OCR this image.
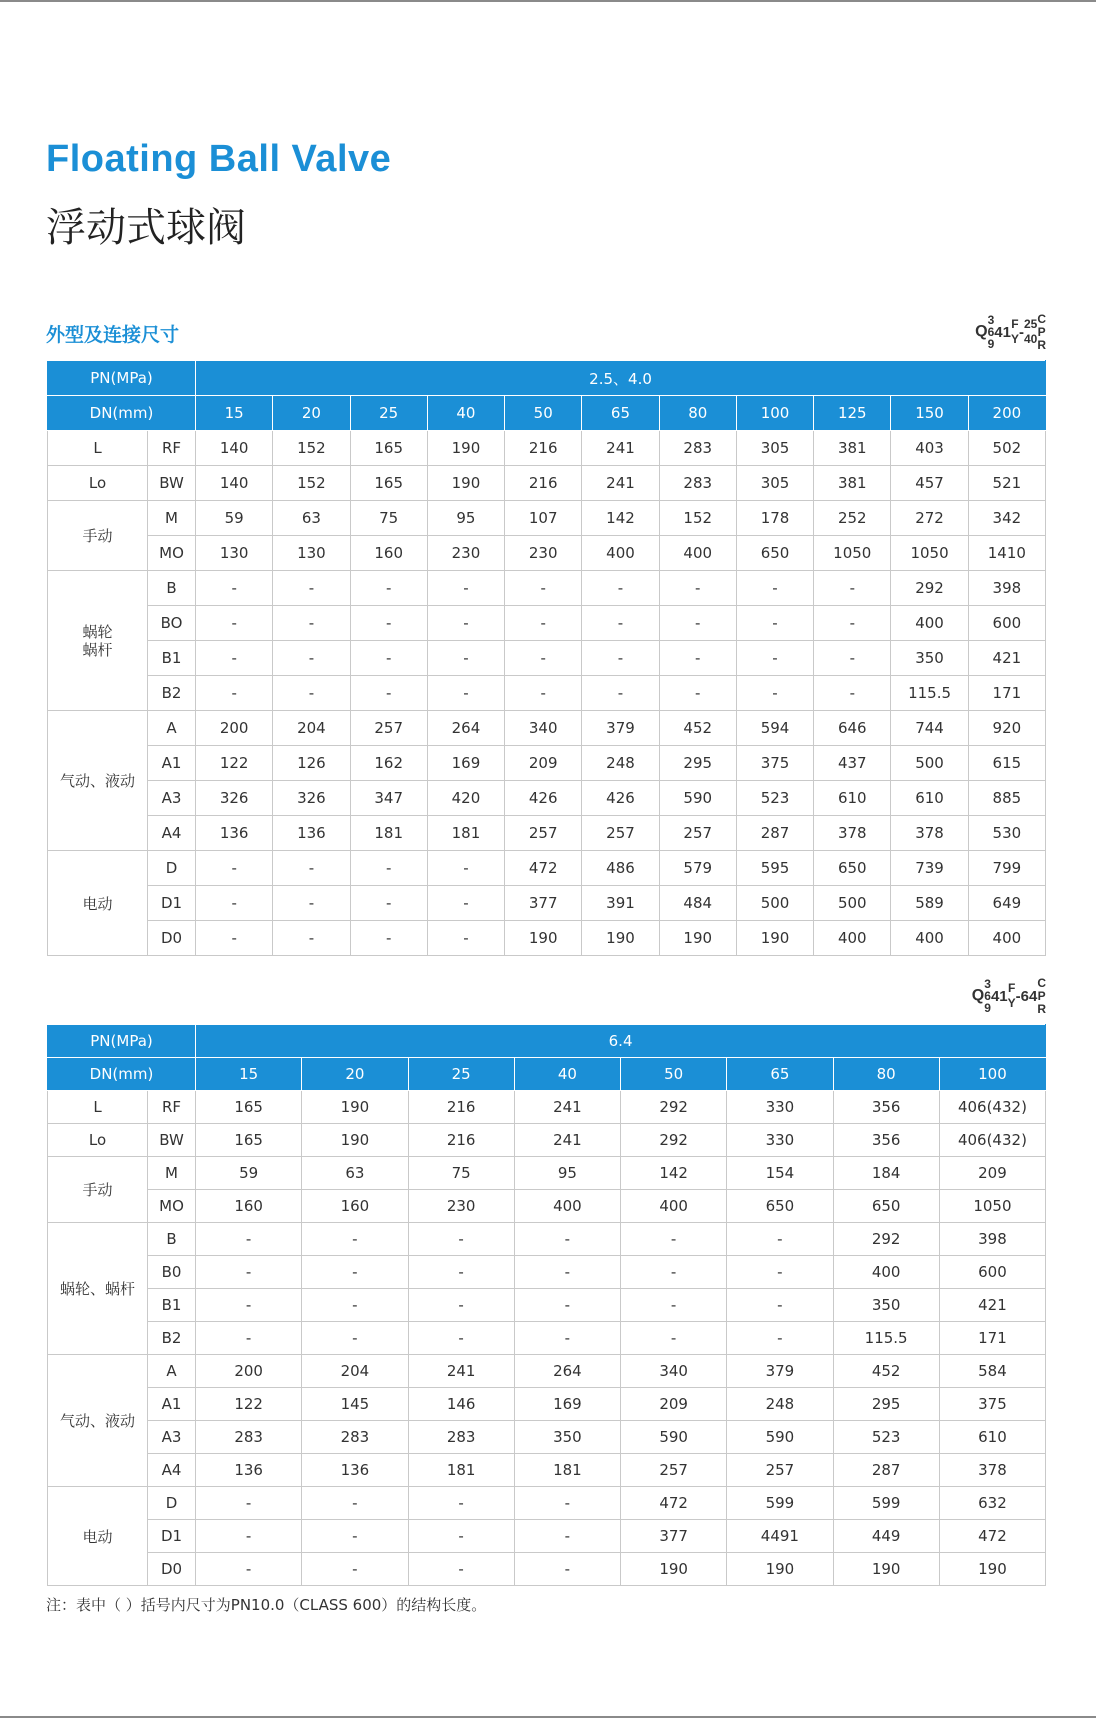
Floating Ball Valve
浮动式球阀
外型及连接尺寸	Q
3
6
9
41 F
Y - 25
40
C
P
R
PN(MPa)		2.5、4.0										
DN(mm)		15	20	25	40	50	65	80	100	125	150	200
L	RF	140	152	165	190	216	241	283	305	381	403	502
Lo	BW	140	152	165	190	216	241	283	305	381	457	521
手动	M	59	63	75	95	107	142	152	178	252	272	342
	MO	130	130	160	230	230	400	400	650	1050	1050	1410
蜗轮
蜗杆	B	-	-	-	-	-	-	-	-	-	292	398
	BO	-	-	-	-	-	-	-	-	-	400	600
	B1	-	-	-	-	-	-	-	-	-	350	421
	B2	-	-	-	-	-	-	-	-	-	115.5	171
气动、液动	A	200	204	257	264	340	379	452	594	646	744	920
	A1	122	126	162	169	209	248	295	375	437	500	615
	A3	326	326	347	420	426	426	590	523	610	610	885
	A4	136	136	181	181	257	257	257	287	378	378	530
电动	D	-	-	-	-	472	486	579	595	650	739	799
	D1	-	-	-	-	377	391	484	500	500	589	649
	D0	-	-	-	-	190	190	190	190	400	400	400
Q
3
6
9
41 F
Y - 64
C
P
R
PN(MPa)		6.4							
DN(mm)		15	20	25	40	50	65	80	100
L	RF	165	190	216	241	292	330	356	406(432)
Lo	BW	165	190	216	241	292	330	356	406(432)
手动	M	59	63	75	95	142	154	184	209
	MO	160	160	230	400	400	650	650	1050
蜗轮、蜗杆	B	-	-	-	-	-	-	292	398
	B0	-	-	-	-	-	-	400	600
	B1	-	-	-	-	-	-	350	421
	B2	-	-	-	-	-	-	115.5	171
气动、液动	A	200	204	241	264	340	379	452	584
	A1	122	145	146	169	209	248	295	375
	A3	283	283	283	350	590	590	523	610
	A4	136	136	181	181	257	257	287	378
电动	D	-	-	-	-	472	599	599	632
	D1	-	-	-	-	377	4491	449	472
	D0	-	-	-	-	190	190	190	190

注：表中（ ）括号内尺寸为PN10.0（CLASS 600）的结构长度。
